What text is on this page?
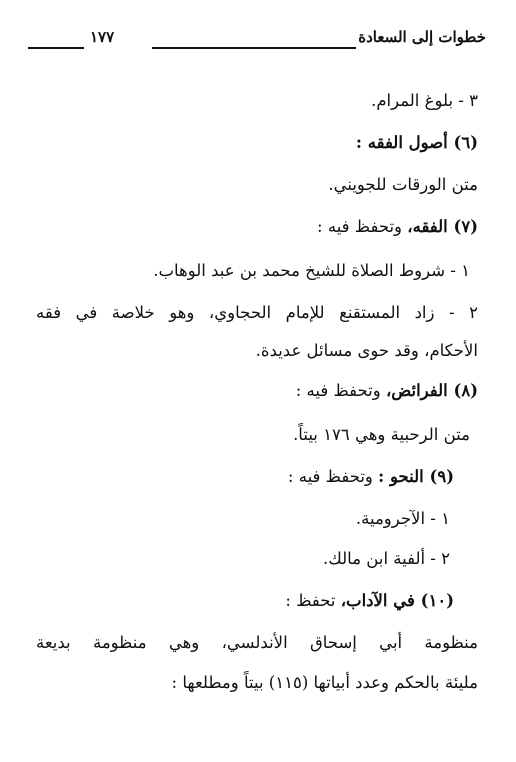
١٧٧	خطوات إلى السعادة
٣ - بلوغ المرام.
(٦) أصول الفقه :
متن الورقات للجويني.
(٧) الفقه، وتحفظ فيه :
١ - شروط الصلاة للشيخ محمد بن عبد الوهاب.
٢ - زاد المستقنع للإمام الحجاوي، وهو خلاصة في فقه
الأحكام، وقد حوى مسائل عديدة.
(٨) الفرائض، وتحفظ فيه :
متن الرحبية وهي ١٧٦ بيتاً.
(٩) النحو : وتحفظ فيه :
١ - الآجرومية.
٢ - ألفية ابن مالك.
(١٠) في الآداب، تحفظ :
منظومة أبي إسحاق الأندلسي، وهي منظومة بديعة
مليئة بالحكم وعدد أبياتها (١١٥) بيتاً ومطلعها :
